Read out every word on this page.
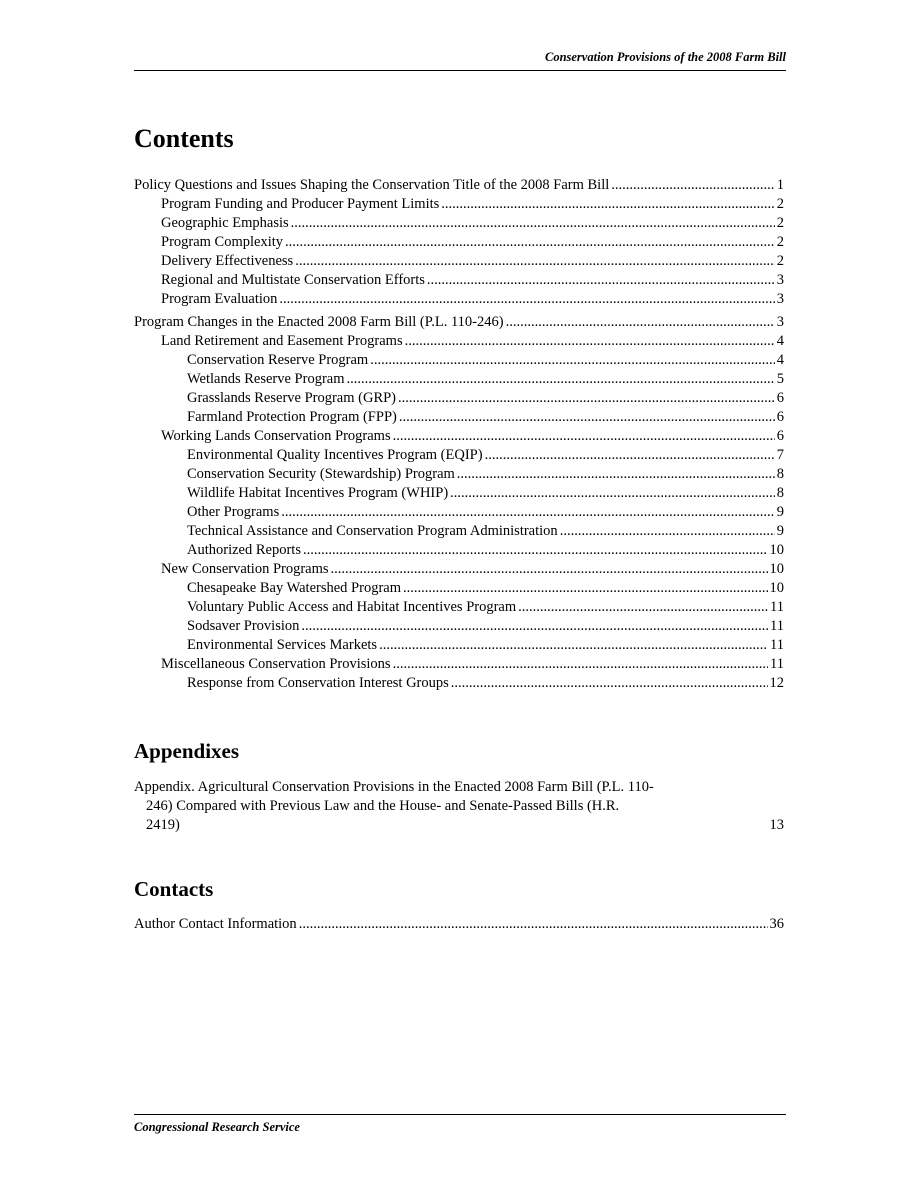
Conservation Provisions of the 2008 Farm Bill
Contents
Policy Questions and Issues Shaping the Conservation Title of the 2008 Farm Bill .....	1
Program Funding and Producer Payment Limits .....	2
Geographic Emphasis .....	2
Program Complexity .....	2
Delivery Effectiveness .....	2
Regional and Multistate Conservation Efforts .....	3
Program Evaluation .....	3
Program Changes in the Enacted 2008 Farm Bill (P.L. 110-246) .....	3
Land Retirement and Easement Programs .....	4
Conservation Reserve Program .....	4
Wetlands Reserve Program .....	5
Grasslands Reserve Program (GRP) .....	6
Farmland Protection Program (FPP) .....	6
Working Lands Conservation Programs .....	6
Environmental Quality Incentives Program (EQIP) .....	7
Conservation Security (Stewardship) Program .....	8
Wildlife Habitat Incentives Program (WHIP) .....	8
Other Programs .....	9
Technical Assistance and Conservation Program Administration .....	9
Authorized Reports .....	10
New Conservation Programs .....	10
Chesapeake Bay Watershed Program .....	10
Voluntary Public Access and Habitat Incentives Program .....	11
Sodsaver Provision .....	11
Environmental Services Markets .....	11
Miscellaneous Conservation Provisions .....	11
Response from Conservation Interest Groups .....	12
Appendixes
Appendix. Agricultural Conservation Provisions in the Enacted 2008 Farm Bill (P.L. 110-
246) Compared with Previous Law and the House- and Senate-Passed Bills (H.R.
2419)	13
Contacts
Author Contact Information .....	36
Congressional Research Service
